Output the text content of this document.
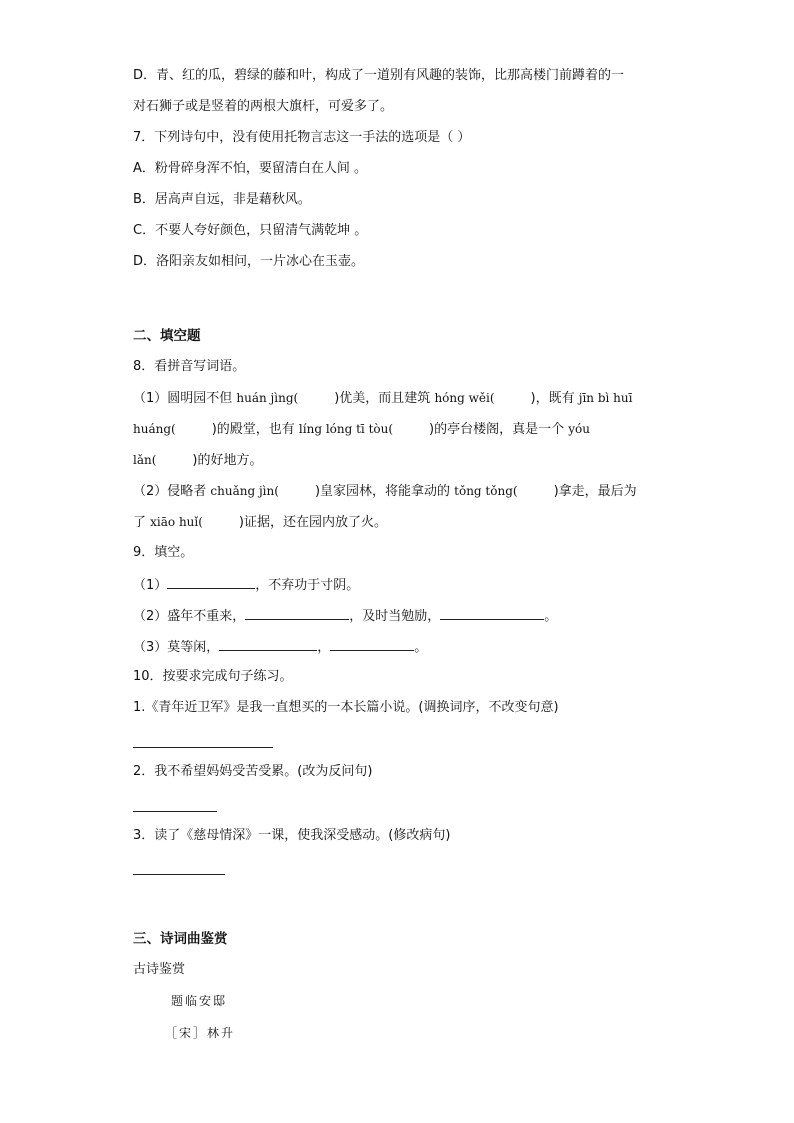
D．青、红的瓜，碧绿的藤和叶，构成了一道别有风趣的装饰，比那高楼门前蹲着的一
对石狮子或是竖着的两根大旗杆，可爱多了。
7．下列诗句中，没有使用托物言志这一手法的选项是（ ）
A．粉骨碎身浑不怕，要留清白在人间 。
B．居高声自远，非是藉秋风。
C．不要人夸好颜色，只留清气满乾坤 。
D．洛阳亲友如相问，一片冰心在玉壶。
二、填空题
8．看拼音写词语。
（1）圆明园不但 huán jìng(	)优美，而且建筑 hóng wěi(	)，既有 jīn bì huī
huáng(	)的殿堂，也有 líng lóng tī tòu(	)的亭台楼阁，真是一个 yóu
lǎn(	)的好地方。
（2）侵略者 chuǎng jìn(	)皇家园林，将能拿动的 tǒng tǒng(	)拿走，最后为
了 xiāo huǐ(	)证据，还在园内放了火。
9．填空。
（1）	，不弃功于寸阴。
（2）盛年不重来，	，及时当勉励，	。
（3）莫等闲，	，	。
10．按要求完成句子练习。
1.《青年近卫军》是我一直想买的一本长篇小说。(调换词序，不改变句意)
2．我不希望妈妈受苦受累。(改为反问句)
3．读了《慈母情深》一课，使我深受感动。(修改病句)
三、诗词曲鉴赏
古诗鉴赏
题临安邸
［宋］林升
